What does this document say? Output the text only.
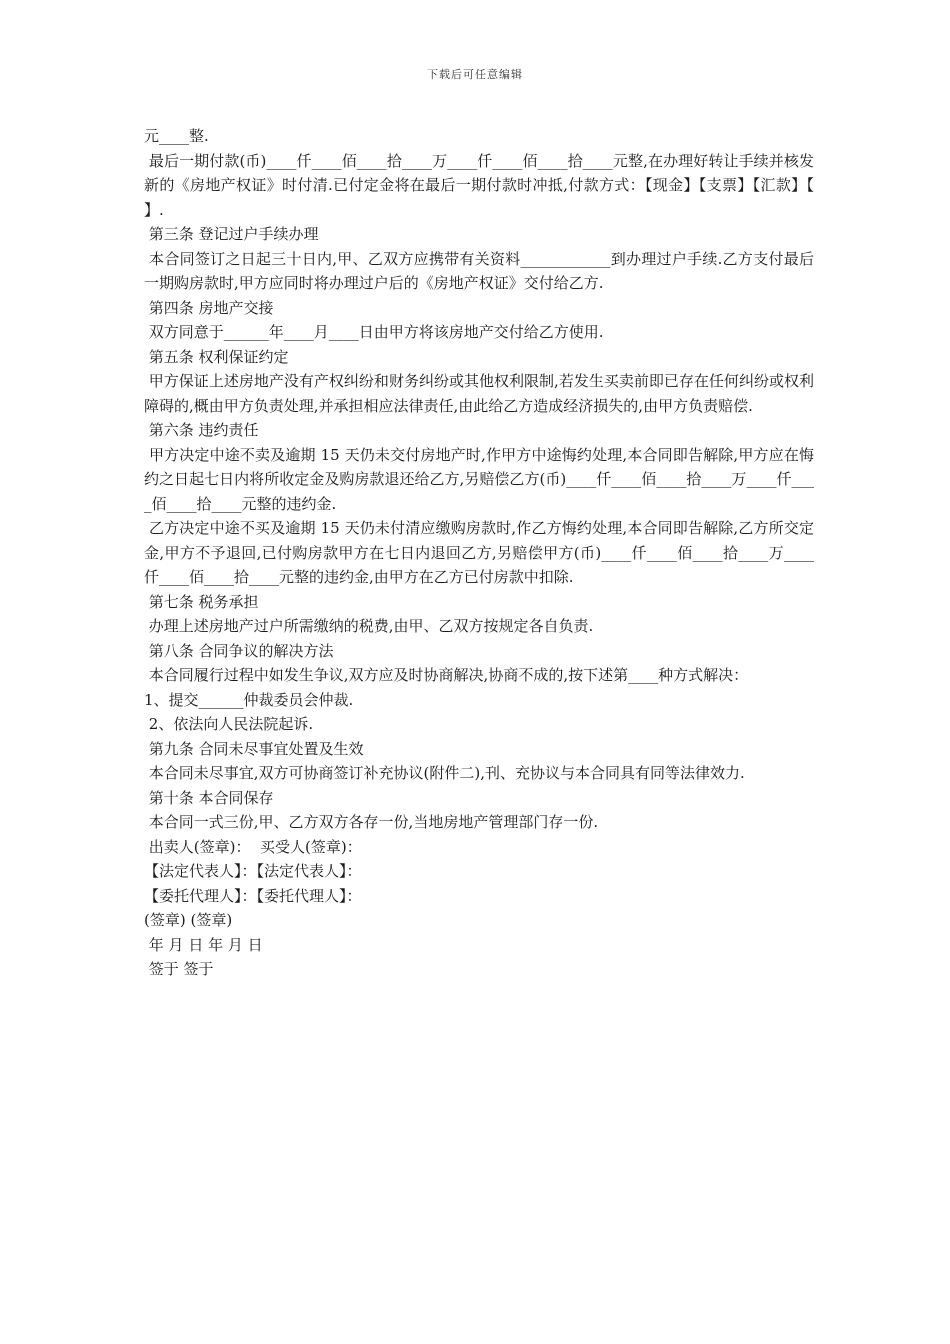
下载后可任意编辑

元____整.

最后一期付款(币)____仟____佰____拾____万____仟____佰____拾____元整,在办理好转让手续并核发新的《房地产权证》时付清.已付定金将在最后一期付款时冲抵,付款方式：【现金】【支票】【汇款】【 】.

第三条 登记过户手续办理

本合同签订之日起三十日内,甲、乙双方应携带有关资料____________到办理过户手续.乙方支付最后一期购房款时,甲方应同时将办理过户后的《房地产权证》交付给乙方.

第四条 房地产交接

双方同意于______年____月____日由甲方将该房地产交付给乙方使用.

第五条 权利保证约定

甲方保证上述房地产没有产权纠纷和财务纠纷或其他权利限制,若发生买卖前即已存在任何纠纷或权利障碍的,概由甲方负责处理,并承担相应法律责任,由此给乙方造成经济损失的,由甲方负责赔偿.

第六条 违约责任

甲方决定中途不卖及逾期 15 天仍未交付房地产时,作甲方中途悔约处理,本合同即告解除,甲方应在悔约之日起七日内将所收定金及购房款退还给乙方,另赔偿乙方(币)____仟____佰____拾____万____仟____佰____拾____元整的违约金.

乙方决定中途不买及逾期 15 天仍未付清应缴购房款时,作乙方悔约处理,本合同即告解除,乙方所交定金,甲方不予退回,已付购房款甲方在七日内退回乙方,另赔偿甲方(币)____仟____佰____拾____万____仟____佰____拾____元整的违约金,由甲方在乙方已付房款中扣除.

第七条 税务承担

办理上述房地产过户所需缴纳的税费,由甲、乙双方按规定各自负责.

第八条 合同争议的解决方法

本合同履行过程中如发生争议,双方应及时协商解决,协商不成的,按下述第____种方式解决：

1、提交______仲裁委员会仲裁.

2、依法向人民法院起诉.

第九条 合同未尽事宜处置及生效

本合同未尽事宜,双方可协商签订补充协议(附件二),刊、充协议与本合同具有同等法律效力.

第十条 本合同保存

本合同一式三份,甲、乙方双方各存一份,当地房地产管理部门存一份.

出卖人(签章)：  买受人(签章)：

【法定代表人】：【法定代表人】：

【委托代理人】：【委托代理人】：

(签章) (签章)

年 月 日 年 月 日

签于 签于
